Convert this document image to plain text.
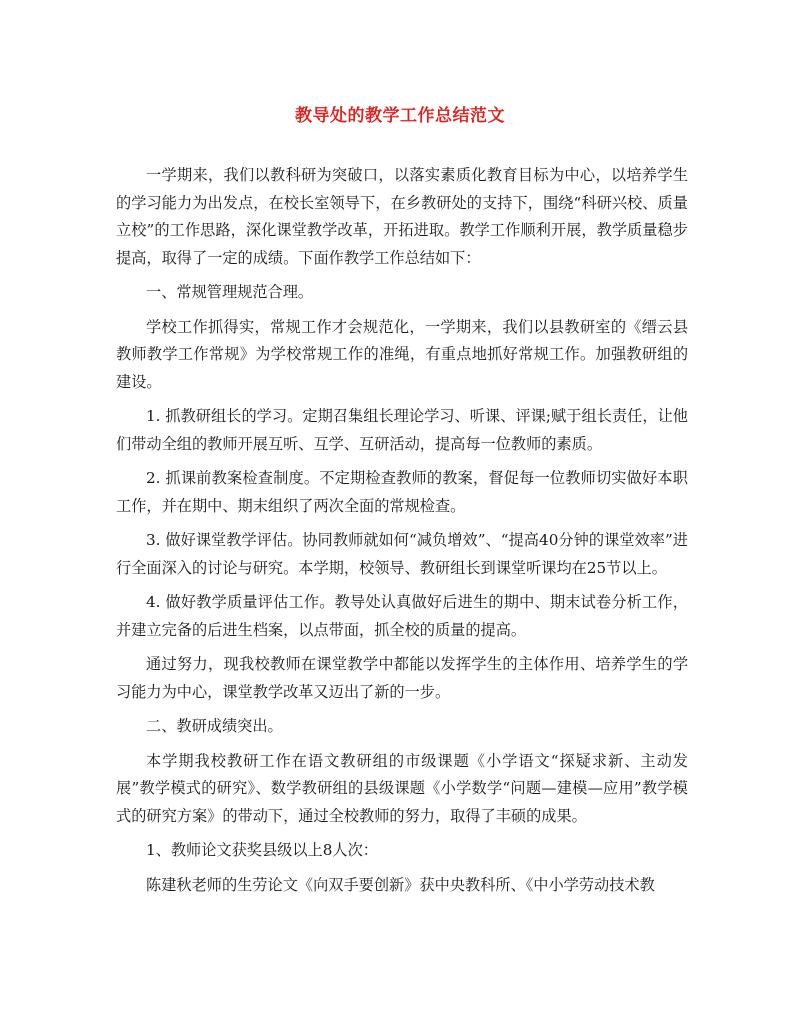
教导处的教学工作总结范文

一学期来，我们以教科研为突破口，以落实素质化教育目标为中心，以培养学生的学习能力为出发点，在校长室领导下，在乡教研处的支持下，围绕“科研兴校、质量立校”的工作思路，深化课堂教学改革，开拓进取。教学工作顺利开展，教学质量稳步提高，取得了一定的成绩。下面作教学工作总结如下：

一、常规管理规范合理。

学校工作抓得实，常规工作才会规范化，一学期来，我们以县教研室的《缙云县教师教学工作常规》为学校常规工作的准绳，有重点地抓好常规工作。加强教研组的建设。

1. 抓教研组长的学习。定期召集组长理论学习、听课、评课;赋于组长责任，让他们带动全组的教师开展互听、互学、互研活动，提高每一位教师的素质。

2. 抓课前教案检查制度。不定期检查教师的教案，督促每一位教师切实做好本职工作，并在期中、期末组织了两次全面的常规检查。

3. 做好课堂教学评估。协同教师就如何“减负增效”、“提高40分钟的课堂效率”进行全面深入的讨论与研究。本学期，校领导、教研组长到课堂听课均在25节以上。

4. 做好教学质量评估工作。教导处认真做好后进生的期中、期末试卷分析工作，并建立完备的后进生档案，以点带面，抓全校的质量的提高。

通过努力，现我校教师在课堂教学中都能以发挥学生的主体作用、培养学生的学习能力为中心，课堂教学改革又迈出了新的一步。

二、教研成绩突出。

本学期我校教研工作在语文教研组的市级课题《小学语文“探疑求新、主动发展”教学模式的研究》、数学教研组的县级课题《小学数学“问题—建模—应用”教学模式的研究方案》的带动下，通过全校教师的努力，取得了丰硕的成果。

1、教师论文获奖县级以上8人次：

陈建秋老师的生劳论文《向双手要创新》获中央教科所、《中小学劳动技术教
